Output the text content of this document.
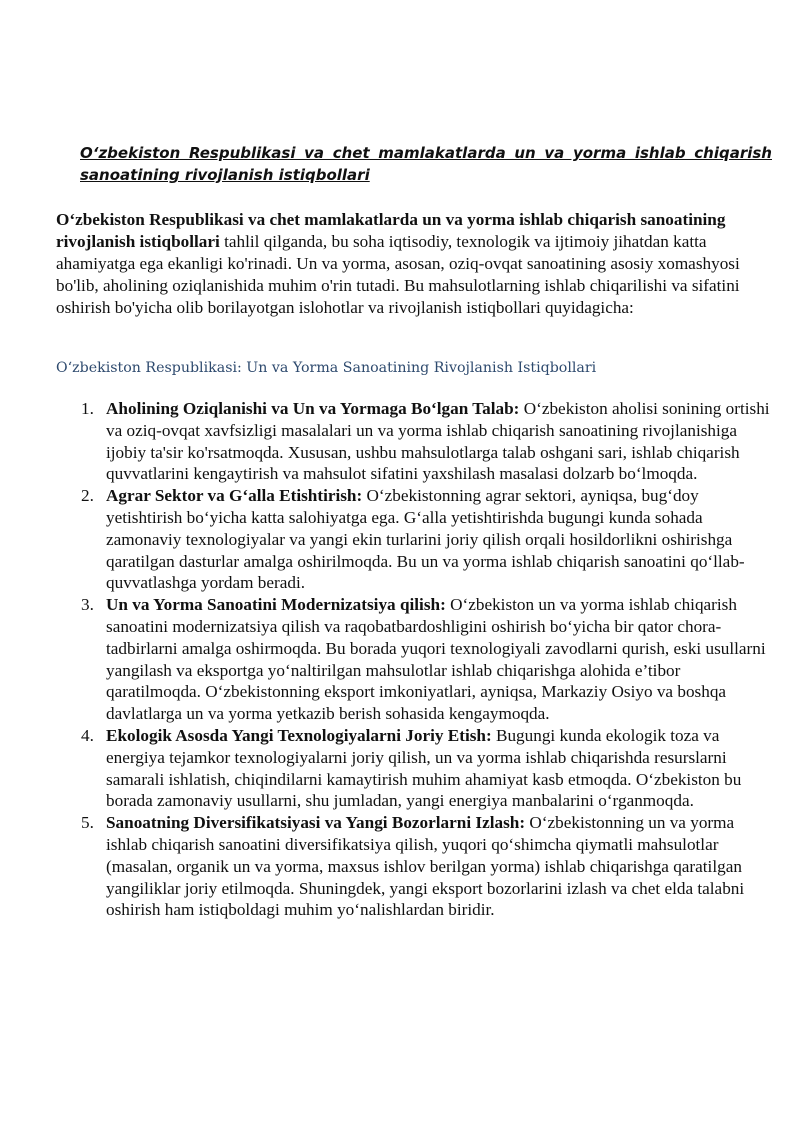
O‘zbekiston Respublikasi va chet mamlakatlarda un va yorma ishlab chiqarish sanoatining rivojlanish istiqbollari

O‘zbekiston Respublikasi va chet mamlakatlarda un va yorma ishlab chiqarish sanoatining rivojlanish istiqbollari tahlil qilganda, bu soha iqtisodiy, texnologik va ijtimoiy jihatdan katta ahamiyatga ega ekanligi ko'rinadi. Un va yorma, asosan, oziq-ovqat sanoatining asosiy xomashyosi bo'lib, aholining oziqlanishida muhim o'rin tutadi. Bu mahsulotlarning ishlab chiqarilishi va sifatini oshirish bo'yicha olib borilayotgan islohotlar va rivojlanish istiqbollari quyidagicha:

O‘zbekiston Respublikasi: Un va Yorma Sanoatining Rivojlanish Istiqbollari
1. Aholining Oziqlanishi va Un va Yormaga Bo‘lgan Talab: O‘zbekiston aholisi sonining ortishi va oziq-ovqat xavfsizligi masalalari un va yorma ishlab chiqarish sanoatining rivojlanishiga ijobiy ta'sir ko'rsatmoqda. Xususan, ushbu mahsulotlarga talab oshgani sari, ishlab chiqarish quvvatlarini kengaytirish va mahsulot sifatini yaxshilash masalasi dolzarb bo‘lmoqda.
2. Agrar Sektor va G‘alla Etishtirish: O‘zbekistonning agrar sektori, ayniqsa, bug‘doy yetishtirish bo‘yicha katta salohiyatga ega. G‘alla yetishtirishda bugungi kunda sohada zamonaviy texnologiyalar va yangi ekin turlarini joriy qilish orqali hosildorlikni oshirishga qaratilgan dasturlar amalga oshirilmoqda. Bu un va yorma ishlab chiqarish sanoatini qo‘llab-quvvatlashga yordam beradi.
3. Un va Yorma Sanoatini Modernizatsiya qilish: O‘zbekiston un va yorma ishlab chiqarish sanoatini modernizatsiya qilish va raqobatbardoshligini oshirish bo‘yicha bir qator chora-tadbirlarni amalga oshirmoqda. Bu borada yuqori texnologiyali zavodlarni qurish, eski usullarni yangilash va eksportga yo‘naltirilgan mahsulotlar ishlab chiqarishga alohida e’tibor qaratilmoqda. O‘zbekistonning eksport imkoniyatlari, ayniqsa, Markaziy Osiyo va boshqa davlatlarga un va yorma yetkazib berish sohasida kengaymoqda.
4. Ekologik Asosda Yangi Texnologiyalarni Joriy Etish: Bugungi kunda ekologik toza va energiya tejamkor texnologiyalarni joriy qilish, un va yorma ishlab chiqarishda resurslarni samarali ishlatish, chiqindilarni kamaytirish muhim ahamiyat kasb etmoqda. O‘zbekiston bu borada zamonaviy usullarni, shu jumladan, yangi energiya manbalarini o‘rganmoqda.
5. Sanoatning Diversifikatsiyasi va Yangi Bozorlarni Izlash: O‘zbekistonning un va yorma ishlab chiqarish sanoatini diversifikatsiya qilish, yuqori qo‘shimcha qiymatli mahsulotlar (masalan, organik un va yorma, maxsus ishlov berilgan yorma) ishlab chiqarishga qaratilgan yangiliklar joriy etilmoqda. Shuningdek, yangi eksport bozorlarini izlash va chet elda talabni oshirish ham istiqboldagi muhim yo‘nalishlardan biridir.
